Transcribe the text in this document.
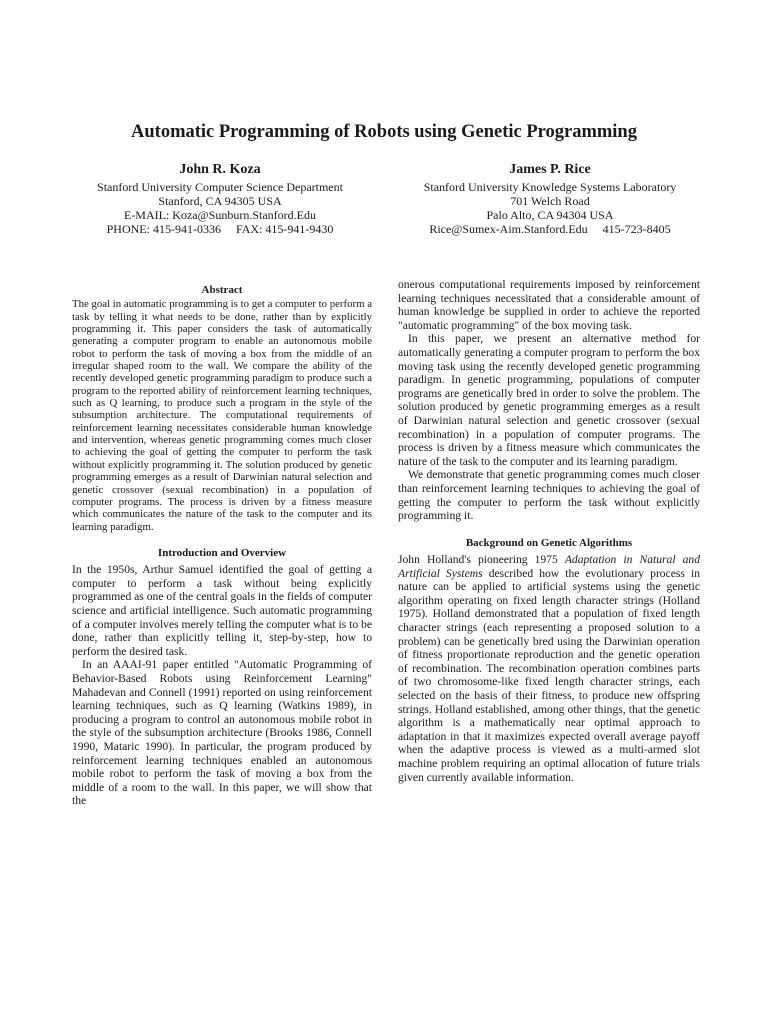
Automatic Programming of Robots using Genetic Programming
John R. Koza
Stanford University Computer Science Department
Stanford, CA 94305 USA
E-MAIL: Koza@Sunburn.Stanford.Edu
PHONE: 415-941-0336     FAX: 415-941-9430
James P. Rice
Stanford University Knowledge Systems Laboratory
701 Welch Road
Palo Alto, CA 94304 USA
Rice@Sumex-Aim.Stanford.Edu     415-723-8405
Abstract

The goal in automatic programming is to get a computer to perform a task by telling it what needs to be done, rather than by explicitly programming it. This paper considers the task of automatically generating a computer program to enable an autonomous mobile robot to perform the task of moving a box from the middle of an irregular shaped room to the wall. We compare the ability of the recently developed genetic programming paradigm to produce such a program to the reported ability of reinforcement learning techniques, such as Q learning, to produce such a program in the style of the subsumption architecture. The computational requirements of reinforcement learning necessitates considerable human knowledge and intervention, whereas genetic programming comes much closer to achieving the goal of getting the computer to perform the task without explicitly programming it. The solution produced by genetic programming emerges as a result of Darwinian natural selection and genetic crossover (sexual recombination) in a population of computer programs. The process is driven by a fitness measure which communicates the nature of the task to the computer and its learning paradigm.

Introduction and Overview

In the 1950s, Arthur Samuel identified the goal of getting a computer to perform a task without being explicitly programmed as one of the central goals in the fields of computer science and artificial intelligence. Such automatic programming of a computer involves merely telling the computer what is to be done, rather than explicitly telling it, step-by-step, how to perform the desired task.

In an AAAI-91 paper entitled "Automatic Programming of Behavior-Based Robots using Reinforcement Learning" Mahadevan and Connell (1991) reported on using reinforcement learning techniques, such as Q learning (Watkins 1989), in producing a program to control an autonomous mobile robot in the style of the subsumption architecture (Brooks 1986, Connell 1990, Mataric 1990). In particular, the program produced by reinforcement learning techniques enabled an autonomous mobile robot to perform the task of moving a box from the middle of a room to the wall. In this paper, we will show that the

onerous computational requirements imposed by reinforcement learning techniques necessitated that a considerable amount of human knowledge be supplied in order to achieve the reported "automatic programming" of the box moving task.

In this paper, we present an alternative method for automatically generating a computer program to perform the box moving task using the recently developed genetic programming paradigm. In genetic programming, populations of computer programs are genetically bred in order to solve the problem. The solution produced by genetic programming emerges as a result of Darwinian natural selection and genetic crossover (sexual recombination) in a population of computer programs. The process is driven by a fitness measure which communicates the nature of the task to the computer and its learning paradigm.

We demonstrate that genetic programming comes much closer than reinforcement learning techniques to achieving the goal of getting the computer to perform the task without explicitly programming it.

Background on Genetic Algorithms

John Holland's pioneering 1975 Adaptation in Natural and Artificial Systems described how the evolutionary process in nature can be applied to artificial systems using the genetic algorithm operating on fixed length character strings (Holland 1975). Holland demonstrated that a population of fixed length character strings (each representing a proposed solution to a problem) can be genetically bred using the Darwinian operation of fitness proportionate reproduction and the genetic operation of recombination. The recombination operation combines parts of two chromosome-like fixed length character strings, each selected on the basis of their fitness, to produce new offspring strings. Holland established, among other things, that the genetic algorithm is a mathematically near optimal approach to adaptation in that it maximizes expected overall average payoff when the adaptive process is viewed as a multi-armed slot machine problem requiring an optimal allocation of future trials given currently available information.
